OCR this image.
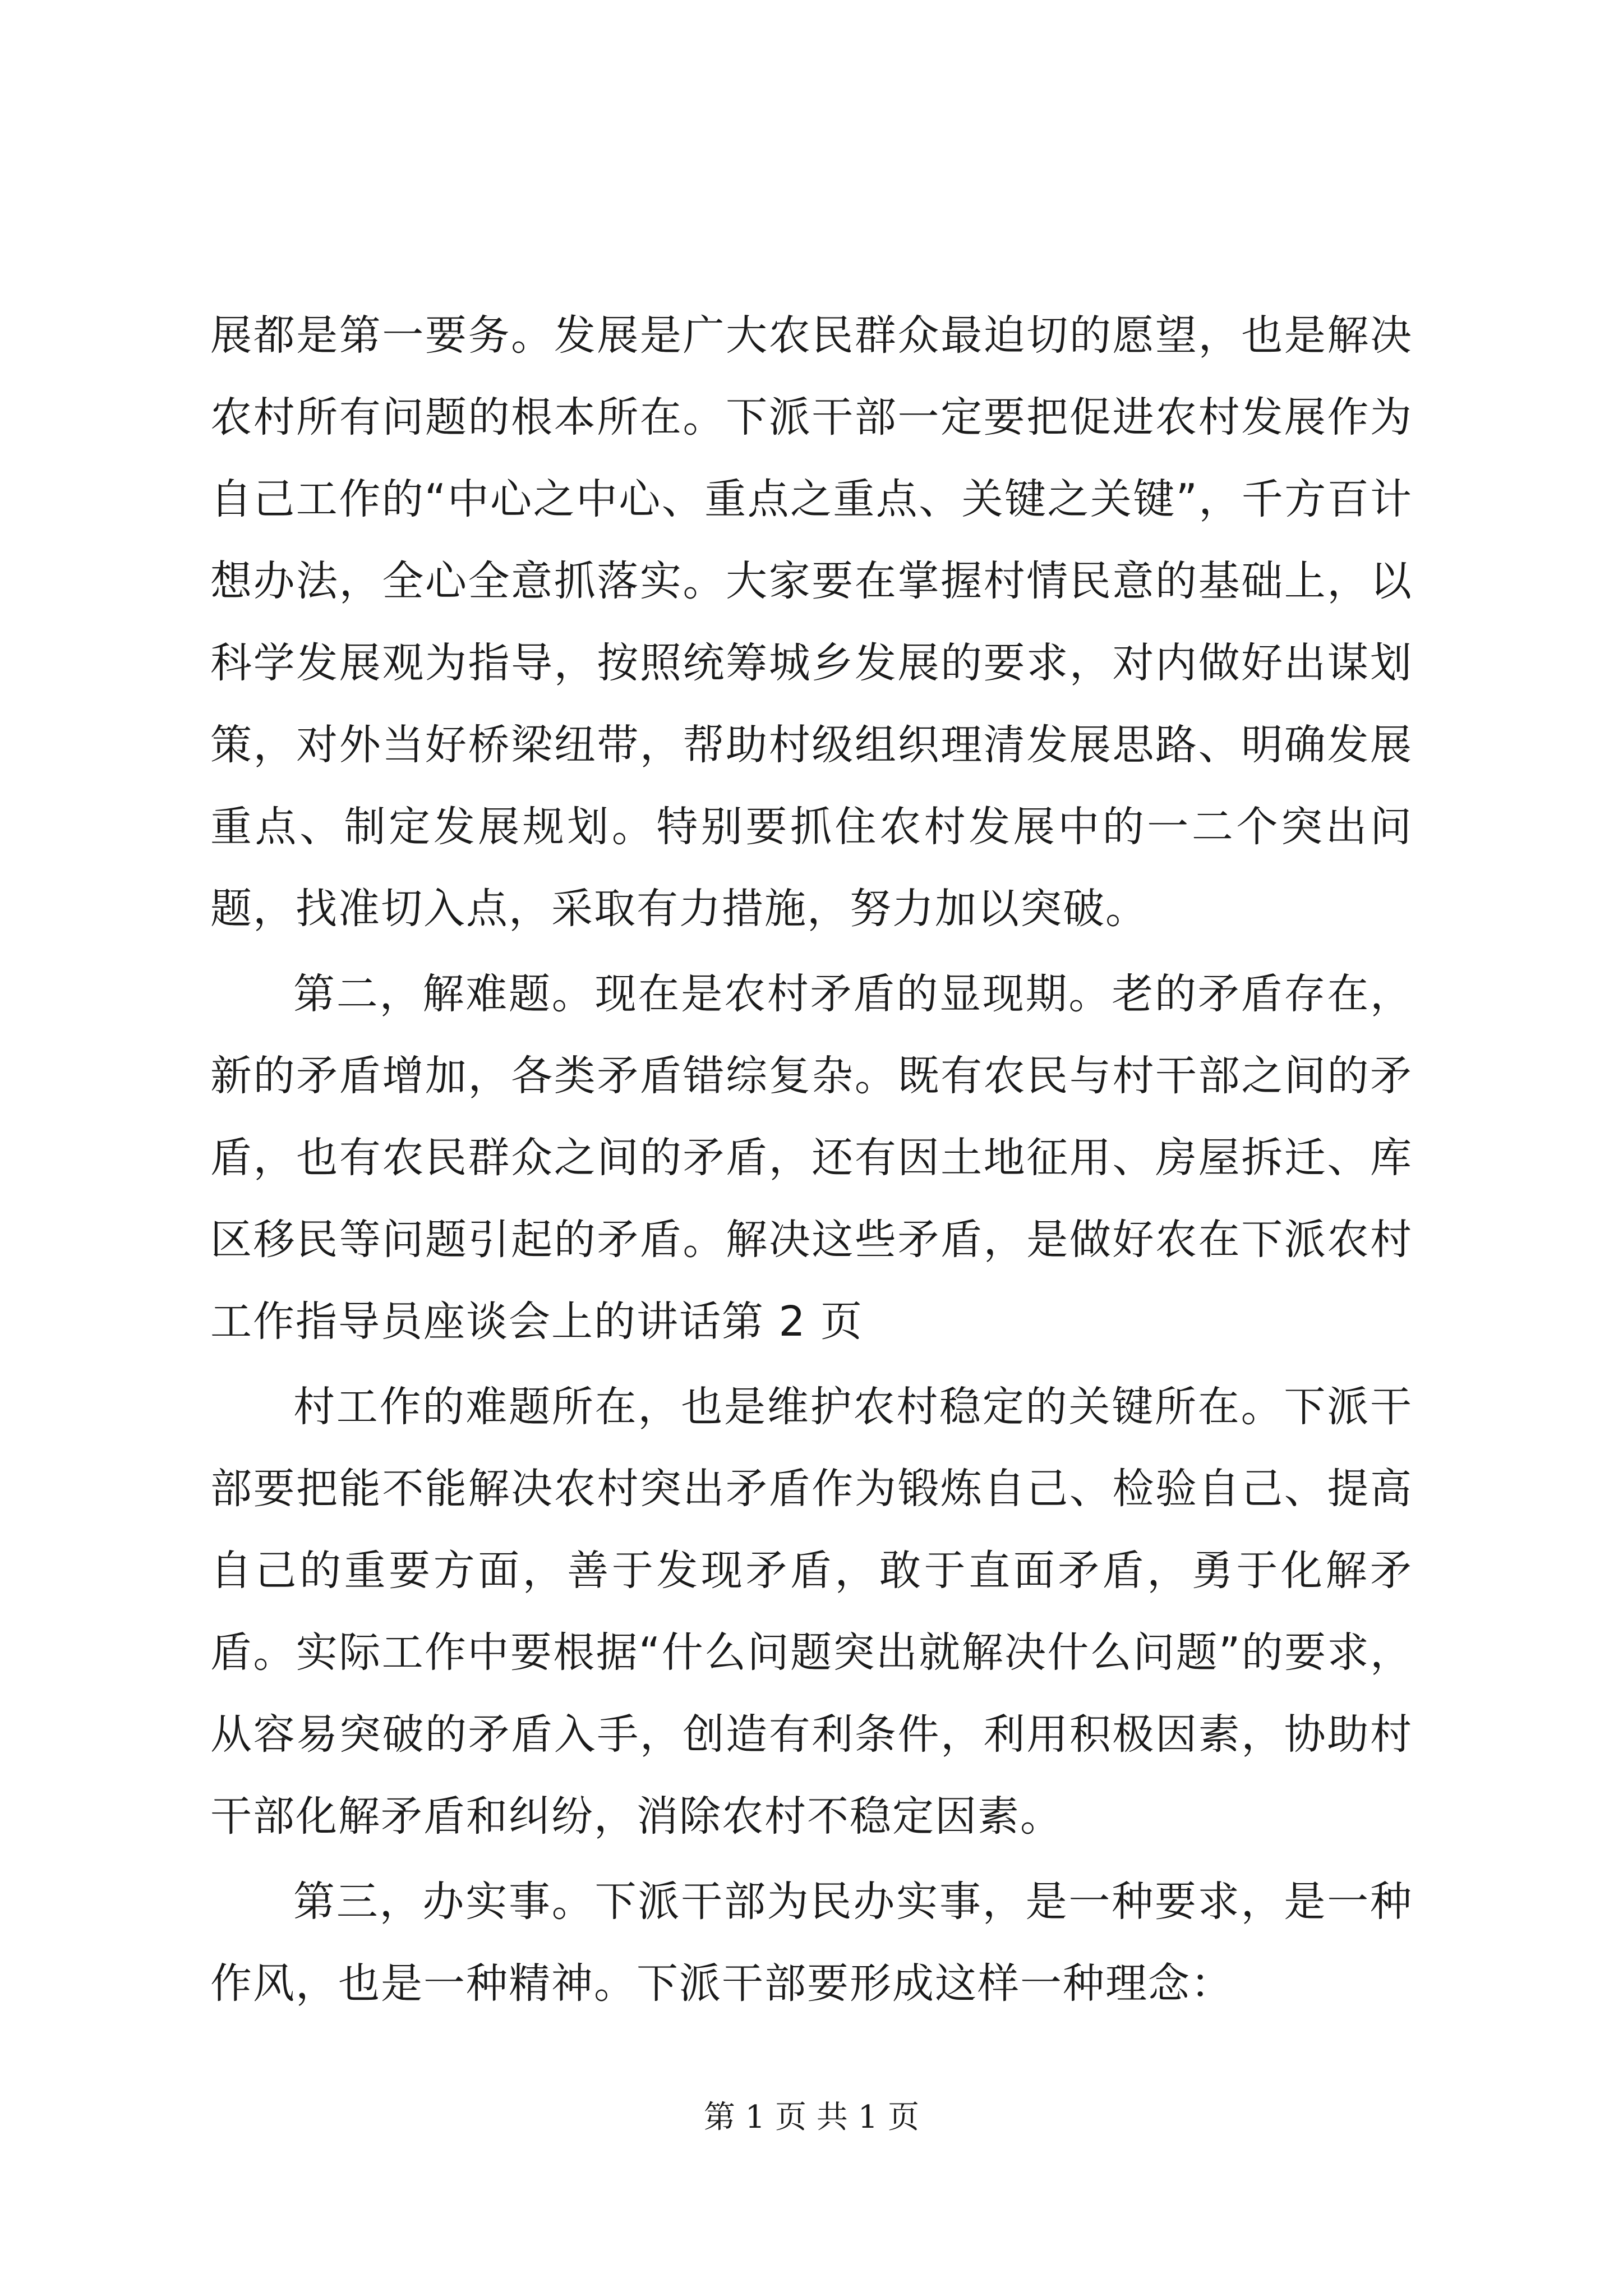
展都是第一要务。发展是广大农民群众最迫切的愿望，也是解决农村所有问题的根本所在。下派干部一定要把促进农村发展作为自己工作的“中心之中心、重点之重点、关键之关键”，千方百计想办法，全心全意抓落实。大家要在掌握村情民意的基础上，以科学发展观为指导，按照统筹城乡发展的要求，对内做好出谋划策，对外当好桥梁纽带，帮助村级组织理清发展思路、明确发展重点、制定发展规划。特别要抓住农村发展中的一二个突出问题，找准切入点，采取有力措施，努力加以突破。

第二，解难题。现在是农村矛盾的显现期。老的矛盾存在，新的矛盾增加，各类矛盾错综复杂。既有农民与村干部之间的矛盾，也有农民群众之间的矛盾，还有因土地征用、房屋拆迁、库区移民等问题引起的矛盾。解决这些矛盾，是做好农在下派农村工作指导员座谈会上的讲话第 2 页

村工作的难题所在，也是维护农村稳定的关键所在。下派干部要把能不能解决农村突出矛盾作为锻炼自己、检验自己、提高自己的重要方面，善于发现矛盾，敢于直面矛盾，勇于化解矛盾。实际工作中要根据“什么问题突出就解决什么问题”的要求，从容易突破的矛盾入手，创造有利条件，利用积极因素，协助村干部化解矛盾和纠纷，消除农村不稳定因素。

第三，办实事。下派干部为民办实事，是一种要求，是一种作风，也是一种精神。下派干部要形成这样一种理念：

第 1 页 共 1 页
